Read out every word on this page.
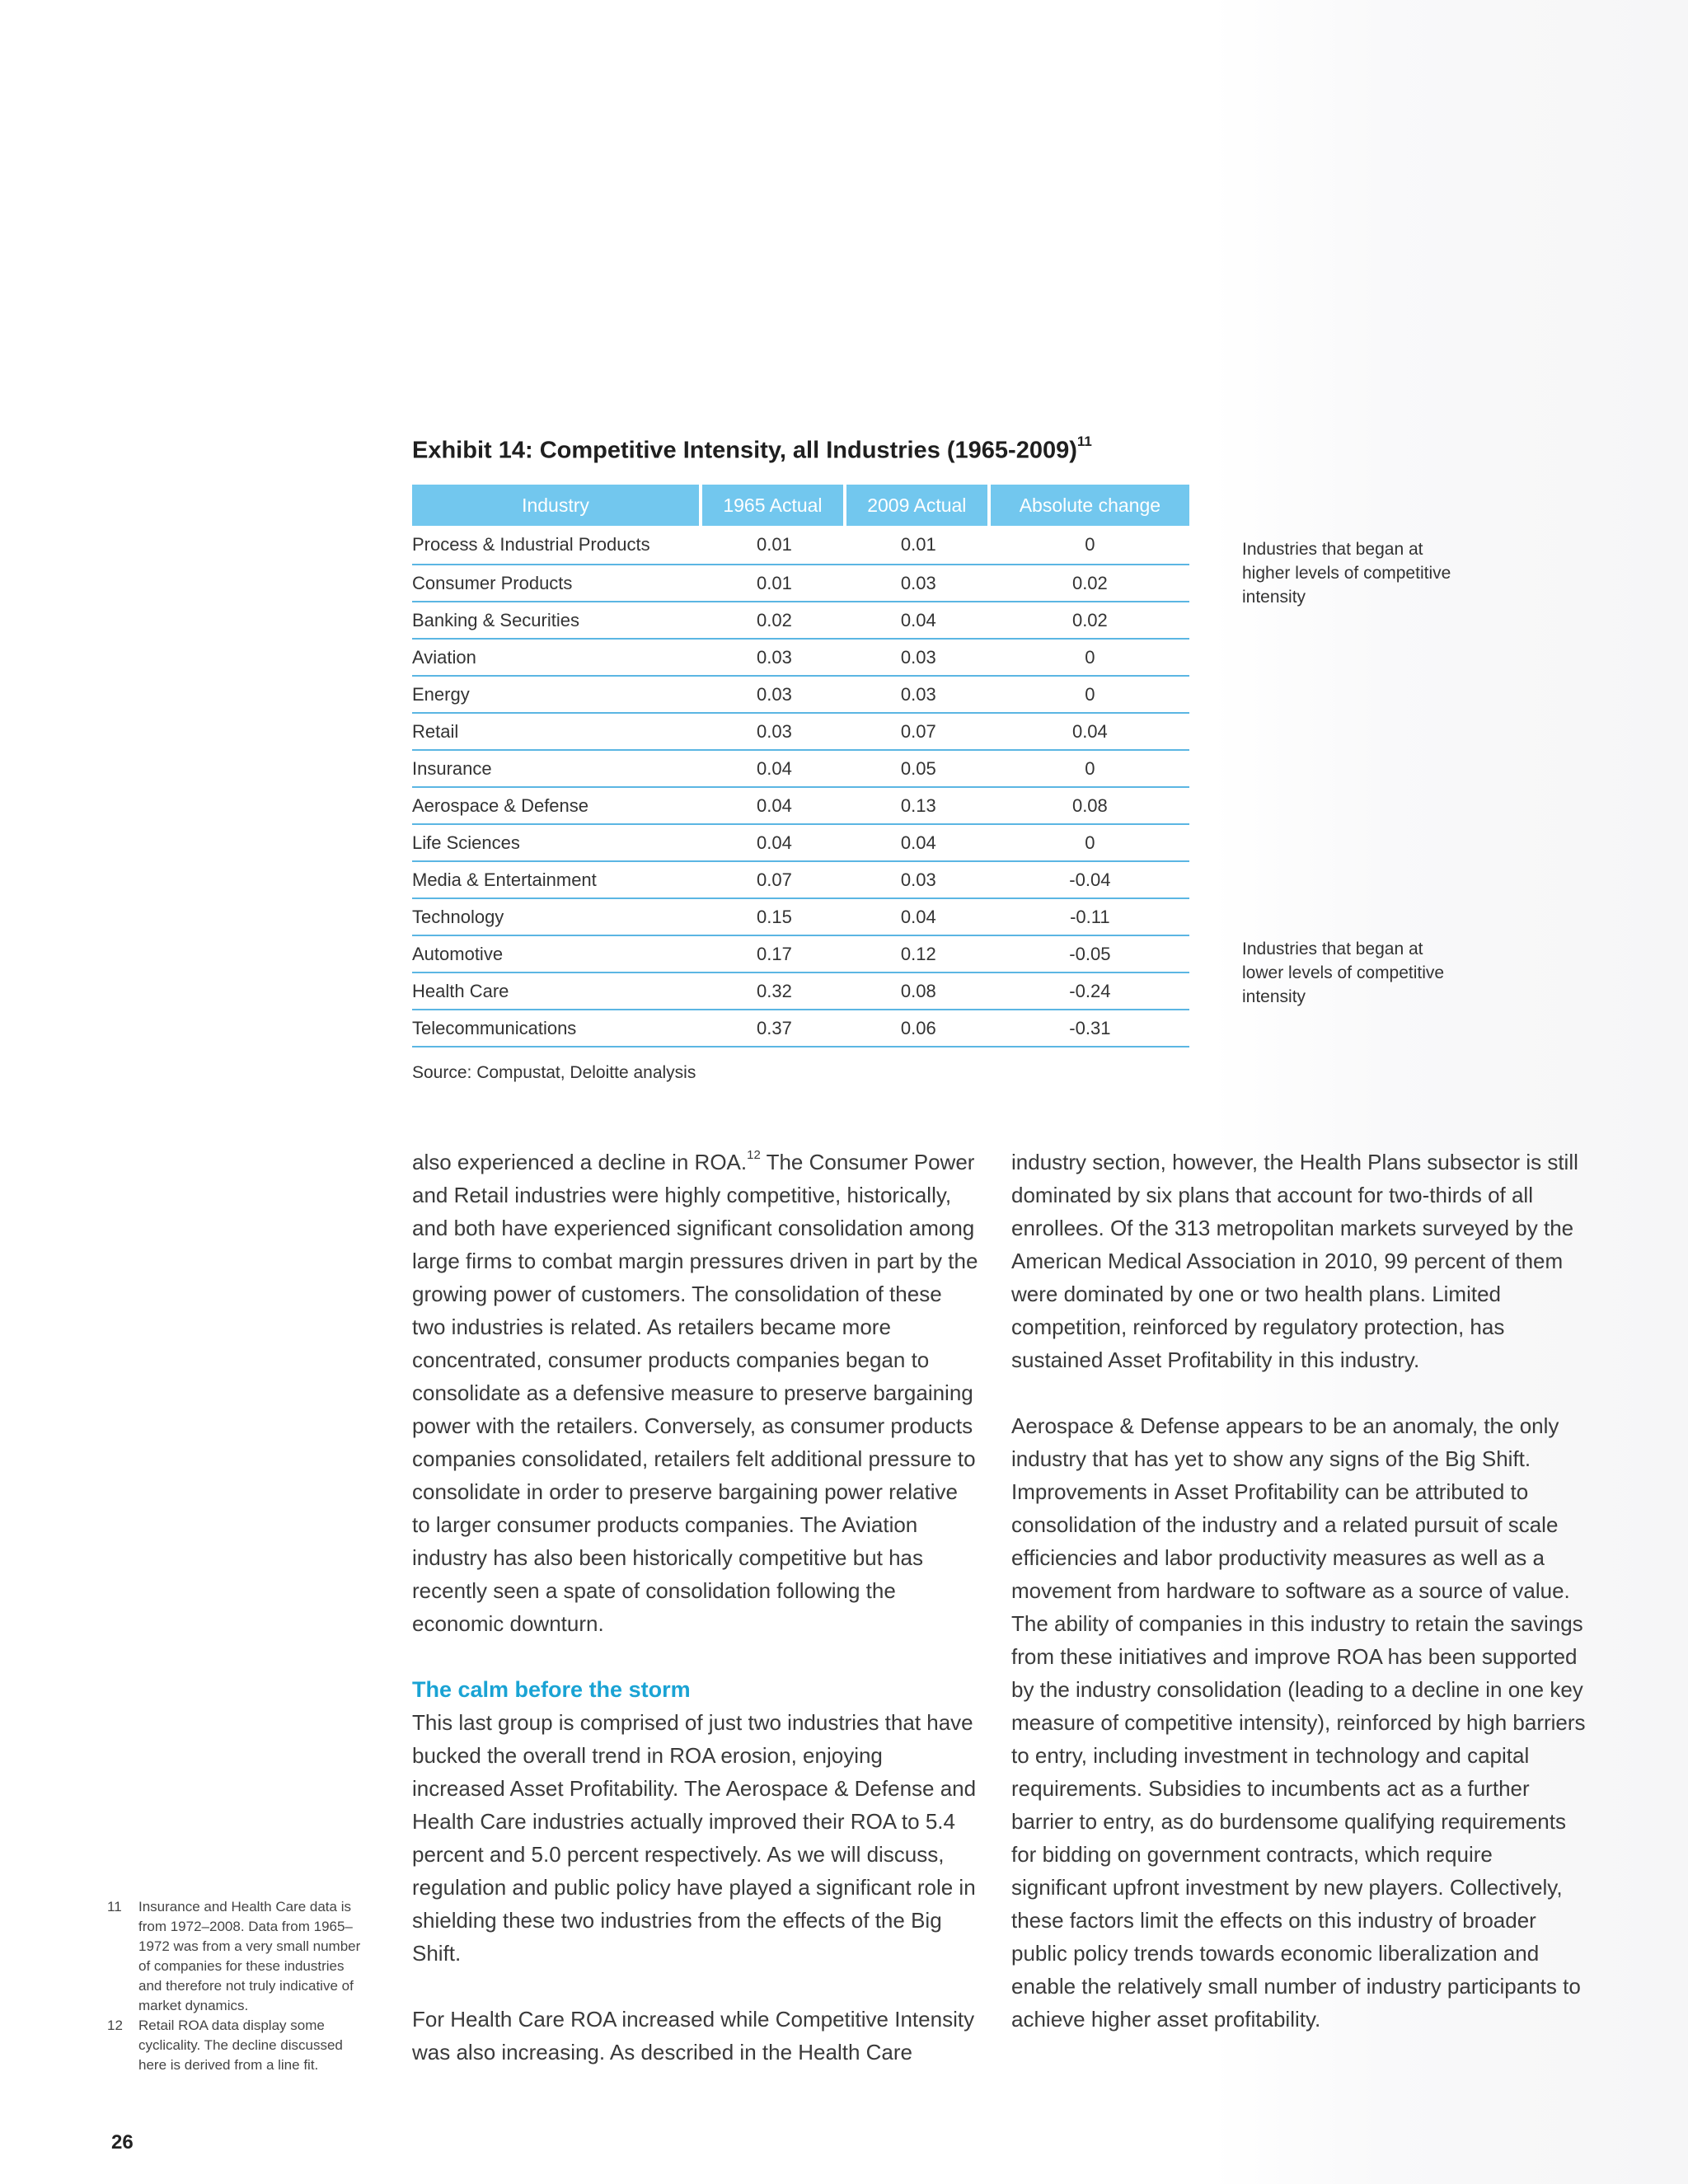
Exhibit 14: Competitive Intensity, all Industries (1965-2009)$^{11}$
Industry	1965 Actual	2009 Actual	Absolute change
Process & Industrial Products	0.01	0.01	0
Consumer Products	0.01	0.03	0.02
Banking & Securities	0.02	0.04	0.02
Aviation	0.03	0.03	0
Energy	0.03	0.03	0
Retail	0.03	0.07	0.04
Insurance	0.04	0.05	0
Aerospace & Defense	0.04	0.13	0.08
Life Sciences	0.04	0.04	0
Media & Entertainment	0.07	0.03	-0.04
Technology	0.15	0.04	-0.11
Automotive	0.17	0.12	-0.05
Health Care	0.32	0.08	-0.24
Telecommunications	0.37	0.06	-0.31
Industries that began at higher levels of competitive intensity
Industries that began at lower levels of competitive intensity
Source: Compustat, Deloitte analysis

also experienced a decline in ROA.$^{12}$ The Consumer Power and Retail industries were highly competitive, historically, and both have experienced significant consolidation among large firms to combat margin pressures driven in part by the growing power of customers. The consolidation of these two industries is related. As retailers became more concentrated, consumer products companies began to consolidate as a defensive measure to preserve bargaining power with the retailers. Conversely, as consumer products companies consolidated, retailers felt additional pressure to consolidate in order to preserve bargaining power relative to larger consumer products companies. The Aviation industry has also been historically competitive but has recently seen a spate of consolidation following the economic downturn.

The calm before the storm

This last group is comprised of just two industries that have bucked the overall trend in ROA erosion, enjoying increased Asset Profitability. The Aerospace & Defense and Health Care industries actually improved their ROA to 5.4 percent and 5.0 percent respectively. As we will discuss, regulation and public policy have played a significant role in shielding these two industries from the effects of the Big Shift.

For Health Care ROA increased while Competitive Intensity was also increasing. As described in the Health Care

industry section, however, the Health Plans subsector is still dominated by six plans that account for two-thirds of all enrollees. Of the 313 metropolitan markets surveyed by the American Medical Association in 2010, 99 percent of them were dominated by one or two health plans. Limited competition, reinforced by regulatory protection, has sustained Asset Profitability in this industry.

Aerospace & Defense appears to be an anomaly, the only industry that has yet to show any signs of the Big Shift. Improvements in Asset Profitability can be attributed to consolidation of the industry and a related pursuit of scale efficiencies and labor productivity measures as well as a movement from hardware to software as a source of value. The ability of companies in this industry to retain the savings from these initiatives and improve ROA has been supported by the industry consolidation (leading to a decline in one key measure of competitive intensity), reinforced by high barriers to entry, including investment in technology and capital requirements. Subsidies to incumbents act as a further barrier to entry, as do burdensome qualifying requirements for bidding on government contracts, which require significant upfront investment by new players. Collectively, these factors limit the effects on this industry of broader public policy trends towards economic liberalization and enable the relatively small number of industry participants to achieve higher asset profitability.

11	Insurance and Health Care data is from 1972–2008. Data from 1965–1972 was from a very small number of companies for these industries and therefore not truly indicative of market dynamics.
12	Retail ROA data display some cyclicality. The decline discussed here is derived from a line fit.
26
